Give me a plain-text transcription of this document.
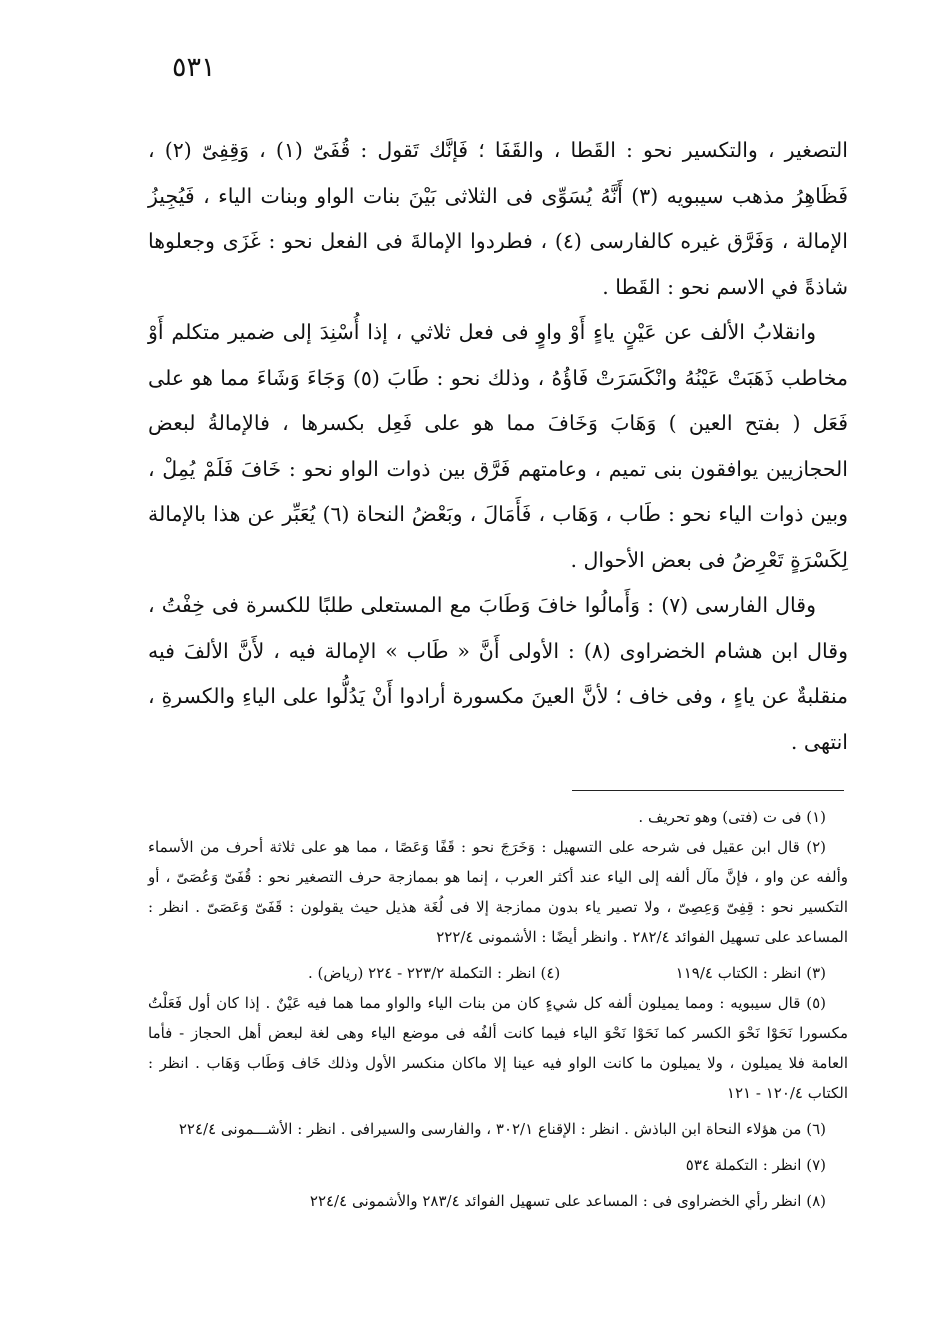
٥٣١

التصغير ، والتكسير نحو : القَطا ، والقَفَا ؛ فَإنَّك تَقول : قُفَىّ (١) ، وَقِفِىّ (٢) ، فَظَاهِرُ مذهب سيبويه (٣) أَنَّهُ يُسَوِّى فى الثلاثى بَيْنَ بنات الواو وبنات الياء ، فَيُجِيزُ الإمالة ، وَفَرَّق غيره كالفارسى (٤) ، فطردوا الإمالةَ فى الفعل نحو : غَزَى وجعلوها شاذةً في الاسم نحو : القَطا .

وانقلابُ الألف عن عَيْنٍ ياءٍ أَوْ واوٍ فى فعل ثلاثي ، إذا أُسْنِدَ إلى ضمير متكلم أَوْ مخاطب ذَهَبَتْ عَيْنُهُ وانْكَسَرَتْ فَاؤُهُ ، وذلك نحو : طَابَ (٥) وَجَاءَ وَشَاءَ مما هو على فَعَل ( بفتح العين ) وَهَابَ وَخَافَ مما هو على فَعِل بكسرها ، فالإمالةُ لبعض الحجازيين يوافقون بنى تميم ، وعامتهم فَرَّق بين ذوات الواو نحو : خَافَ فَلَمْ يُمِلْ ، وبين ذوات الياء نحو : طَاب ، وَهَاب ، فَأَمَالَ ، وبَعْضُ النحاة (٦) يُعَبِّر عن هذا بالإمالة لِكَسْرَةٍ تَعْرِضُ فى بعض الأحوال .

وقال الفارسى (٧) : وَأَمالُوا خافَ وَطَابَ مع المستعلى طلبًا للكسرة فى خِفْتُ ، وقال ابن هشام الخضراوى (٨) : الأولى أَنَّ « طَاب » الإمالة فيه ، لأَنَّ الألفَ فيه منقلبةٌ عن ياءٍ ، وفى خاف ؛ لأنَّ العينَ مكسورة أرادوا أَنْ يَدُلُّوا على الياءِ والكسرةِ ، انتهى .

(١) فى ت (فتى) وهو تحريف .

(٢) قال ابن عقيل فى شرحه على التسهيل : وَخَرَجَ نحو : قَفًا وَعَصًا ، مما هو على ثلاثة أحرف من الأسماء وألفه عن واو ، فإنَّ مآل ألفه إلى الياء عند أكثر العرب ، إنما هو بممازجة حرف التصغير نحو : قُفَىّ وَعُصَىّ ، أو التكسير نحو : قِفِىّ وَعِصِىّ ، ولا تصير ياء بدون ممازجة إلا فى لُغَة هذيل حيث يقولون : قَفَىّ وَعَصَىّ . انظر : المساعد على تسهيل الفوائد ٢٨٢/٤ . وانظر أيضًا : الأشمونى ٢٢٢/٤

(٣) انظر : الكتاب ١١٩/٤
(٤) انظر : التكملة ٢٢٣/٢ - ٢٢٤ (رياض) .

(٥) قال سيبويه : ومما يميلون ألفه كل شيءٍ كان من بنات الياء والواو مما هما فيه عَيْنٌ . إذا كان أول فَعَلْتُ مكسورا نَحَوْا نَحْوَ الكسر كما نَحَوْا نَحْوَ الياء فيما كانت ألفُه فى موضع الياء وهى لغة لبعض أهل الحجاز - فأما العامة فلا يميلون ، ولا يميلون ما كانت الواو فيه عينا إلا ماكان منكسر الأول وذلك خَاف وَطَاب وَهَاب . انظر : الكتاب ١٢٠/٤ - ١٢١

(٦) من هؤلاء النحاة ابن الباذش . انظر : الإقناع ٣٠٢/١ ، والفارسى والسيرافى . انظر : الأشـــمونى ٢٢٤/٤

(٧) انظر : التكملة ٥٣٤

(٨) انظر رأي الخضراوى فى : المساعد على تسهيل الفوائد ٢٨٣/٤ والأشمونى ٢٢٤/٤
